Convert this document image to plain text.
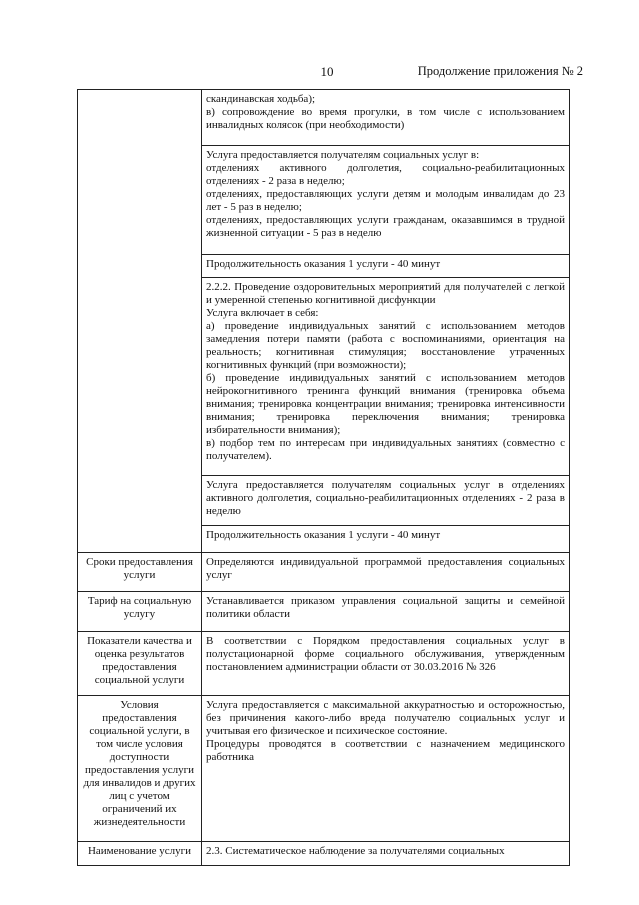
10	Продолжение приложения № 2

	скандинавская ходьба);
в) сопровождение во время прогулки, в том числе с использованием инвалидных колясок (при необходимости)

	Услуга предоставляется получателям социальных услуг в:
отделениях активного долголетия, социально-реабилитационных отделениях - 2 раза в неделю;
отделениях, предоставляющих услуги детям и молодым инвалидам до 23 лет - 5 раз в неделю;
отделениях, предоставляющих услуги гражданам, оказавшимся в трудной жизненной ситуации - 5 раз в неделю

	Продолжительность оказания 1 услуги - 40 минут

	2.2.2. Проведение оздоровительных мероприятий для получателей с легкой и умеренной степенью когнитивной дисфункции
Услуга включает в себя:
а) проведение индивидуальных занятий с использованием методов замедления потери памяти (работа с воспоминаниями, ориентация на реальность; когнитивная стимуляция; восстановление утраченных когнитивных функций (при возможности);
б) проведение индивидуальных занятий с использованием методов нейрокогнитивного тренинга функций внимания (тренировка объема внимания; тренировка концентрации внимания; тренировка интенсивности внимания; тренировка переключения внимания; тренировка избирательности внимания);
в) подбор тем по интересам при индивидуальных занятиях (совместно с получателем).

	Услуга предоставляется получателям социальных услуг в отделениях активного долголетия, социально-реабилитационных отделениях - 2 раза в неделю

	Продолжительность оказания 1 услуги - 40 минут

Сроки предоставления услуги	Определяются индивидуальной программой предоставления социальных услуг
Тариф на социальную услугу	Устанавливается приказом управления социальной защиты и семейной политики области
Показатели качества и оценка результатов предоставления социальной услуги	В соответствии с Порядком предоставления социальных услуг в полустационарной форме социального обслуживания, утвержденным постановлением администрации области от 30.03.2016 № 326
Условия предоставления социальной услуги, в том числе условия доступности предоставления услуги для инвалидов и других лиц с учетом ограничений их жизнедеятельности	Услуга предоставляется с максимальной аккуратностью и осторожностью, без причинения какого-либо вреда получателю социальных услуг и учитывая его физическое и психическое состояние.
Процедуры проводятся в соответствии с назначением медицинского работника

Наименование услуги	2.3. Систематическое наблюдение за получателями социальных
